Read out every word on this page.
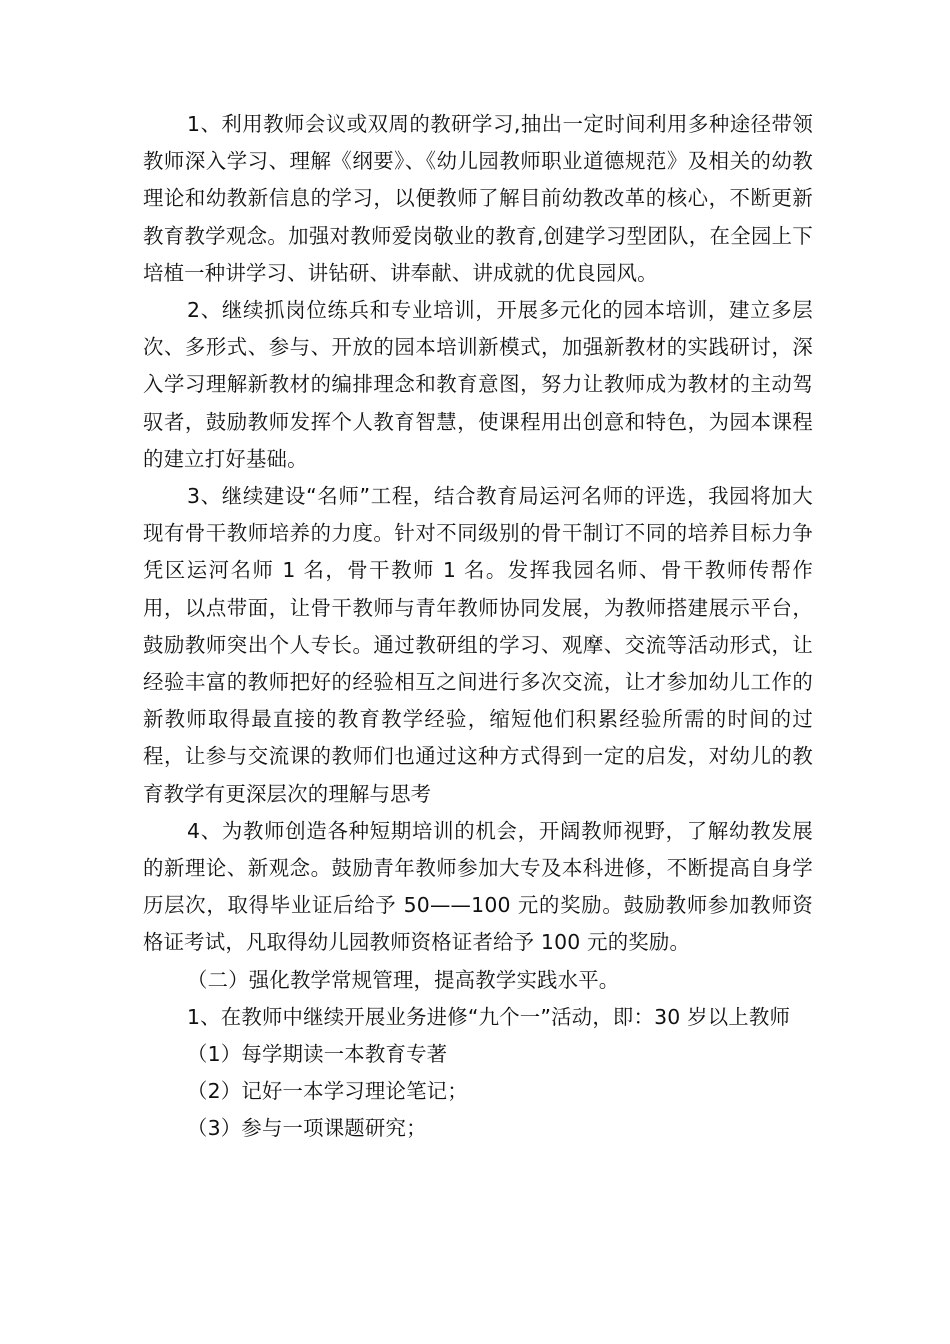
1、利用教师会议或双周的教研学习,抽出一定时间利用多种途径带领教师深入学习、理解《纲要》、《幼儿园教师职业道德规范》及相关的幼教理论和幼教新信息的学习，以便教师了解目前幼教改革的核心，不断更新教育教学观念。加强对教师爱岗敬业的教育,创建学习型团队，在全园上下培植一种讲学习、讲钻研、讲奉献、讲成就的优良园风。

2、继续抓岗位练兵和专业培训，开展多元化的园本培训，建立多层次、多形式、参与、开放的园本培训新模式，加强新教材的实践研讨，深入学习理解新教材的编排理念和教育意图，努力让教师成为教材的主动驾驭者，鼓励教师发挥个人教育智慧，使课程用出创意和特色，为园本课程的建立打好基础。

3、继续建设“名师”工程，结合教育局运河名师的评选，我园将加大现有骨干教师培养的力度。针对不同级别的骨干制订不同的培养目标力争凭区运河名师 1 名，骨干教师 1 名。发挥我园名师、骨干教师传帮作用，以点带面，让骨干教师与青年教师协同发展，为教师搭建展示平台，鼓励教师突出个人专长。通过教研组的学习、观摩、交流等活动形式，让经验丰富的教师把好的经验相互之间进行多次交流，让才参加幼儿工作的新教师取得最直接的教育教学经验，缩短他们积累经验所需的时间的过程，让参与交流课的教师们也通过这种方式得到一定的启发，对幼儿的教育教学有更深层次的理解与思考

4、为教师创造各种短期培训的机会，开阔教师视野，了解幼教发展的新理论、新观念。鼓励青年教师参加大专及本科进修，不断提高自身学历层次，取得毕业证后给予 50——100 元的奖励。鼓励教师参加教师资格证考试，凡取得幼儿园教师资格证者给予 100 元的奖励。

（二）强化教学常规管理，提高教学实践水平。

1、在教师中继续开展业务进修“九个一”活动，即：30 岁以上教师

（1）每学期读一本教育专著

（2）记好一本学习理论笔记；

（3）参与一项课题研究；
